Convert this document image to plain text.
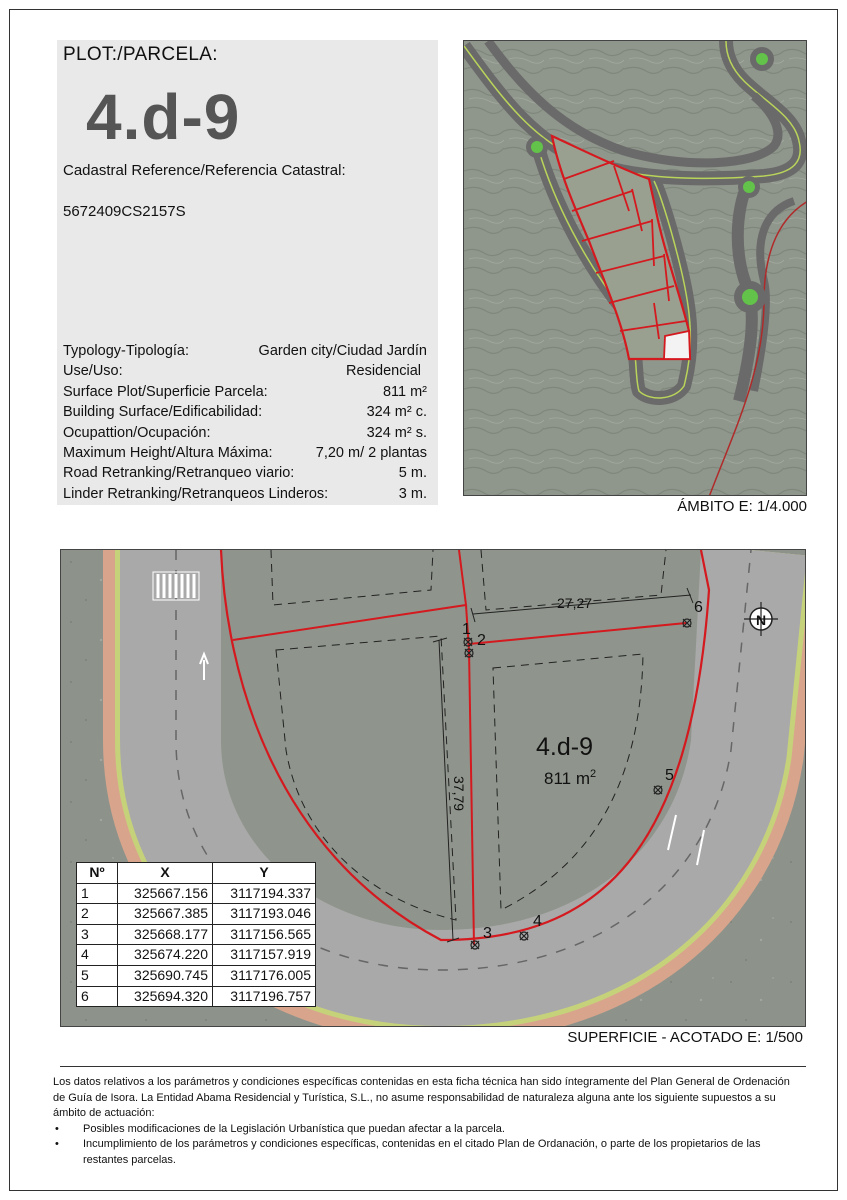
PLOT:/PARCELA:
4.d-9
Cadastral Reference/Referencia Catastral:
5672409CS2157S
Typology-Tipología:	Garden city/Ciudad Jardín
Use/Uso:	Residencial
Surface Plot/Superficie Parcela:	811 m²
Building Surface/Edificabilidad:	324 m² c.
Ocupattion/Ocupación:	324 m² s.
Maximum Height/Altura Máxima:	7,20 m/ 2 plantas
Road Retranking/Retranqueo viario:	5 m.
Linder Retranking/Retranqueos Linderos:	3 m.
ÁMBITO E: 1/4.000
1
2
3
4
5
6
27,27
37,79
4.d-9
811 $m^2$
N
Nº	X	Y
1	325667.156	3117194.337
2	325667.385	3117193.046
3	325668.177	3117156.565
4	325674.220	3117157.919
5	325690.745	3117176.005
6	325694.320	3117196.757
SUPERFICIE - ACOTADO E: 1/500

Los datos relativos a los parámetros y condiciones específicas contenidas en esta ficha técnica han sido íntegramente del Plan General de Ordenación de Guía de Isora. La Entidad Abama Residencial y Turística, S.L., no asume responsabilidad de naturaleza alguna ante los siguiente supuestos a su ámbito de actuación:

• Posibles modificaciones de la Legislación Urbanística que puedan afectar a la parcela.
• Incumplimiento de los parámetros y condiciones específicas, contenidas en el citado Plan de Ordanación, o parte de los propietarios de las restantes parcelas.
